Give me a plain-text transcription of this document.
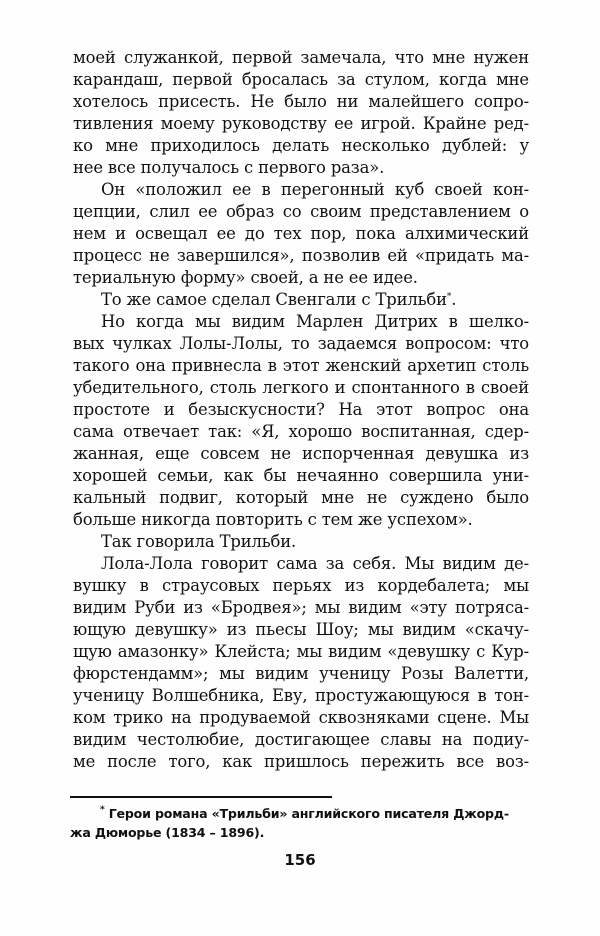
моей служанкой, первой замечала, что мне нужен
карандаш, первой бросалась за стулом, когда мне
хотелось присесть. Не было ни малейшего сопро-
тивления моему руководству ее игрой. Крайне ред-
ко мне приходилось делать несколько дублей: у
нее все получалось с первого раза».
Он «положил ее в перегонный куб своей кон-
цепции, слил ее образ со своим представлением о
нем и освещал ее до тех пор, пока алхимический
процесс не завершился», позволив ей «придать ма-
териальную форму» своей, а не ее идее.
То же самое сделал Свенгали с Трильби*.
Но когда мы видим Марлен Дитрих в шелко-
вых чулках Лолы-Лолы, то задаемся вопросом: что
такого она привнесла в этот женский архетип столь
убедительного, столь легкого и спонтанного в своей
простоте и безыскусности? На этот вопрос она
сама отвечает так: «Я, хорошо воспитанная, сдер-
жанная, еще совсем не испорченная девушка из
хорошей семьи, как бы нечаянно совершила уни-
кальный подвиг, который мне не суждено было
больше никогда повторить с тем же успехом».
Так говорила Трильби.
Лола-Лола говорит сама за себя. Мы видим де-
вушку в страусовых перьях из кордебалета; мы
видим Руби из «Бродвея»; мы видим «эту потряса-
ющую девушку» из пьесы Шоу; мы видим «скачу-
щую амазонку» Клейста; мы видим «девушку с Кур-
фюрстендамм»; мы видим ученицу Розы Валетти,
ученицу Волшебника, Еву, простужающуюся в тон-
ком трико на продуваемой сквозняками сцене. Мы
видим честолюбие, достигающее славы на подиу-
ме после того, как пришлось пережить все воз-
* Герои романа «Трильби» английского писателя Джорд-
жа Дюморье (1834 – 1896).
156
